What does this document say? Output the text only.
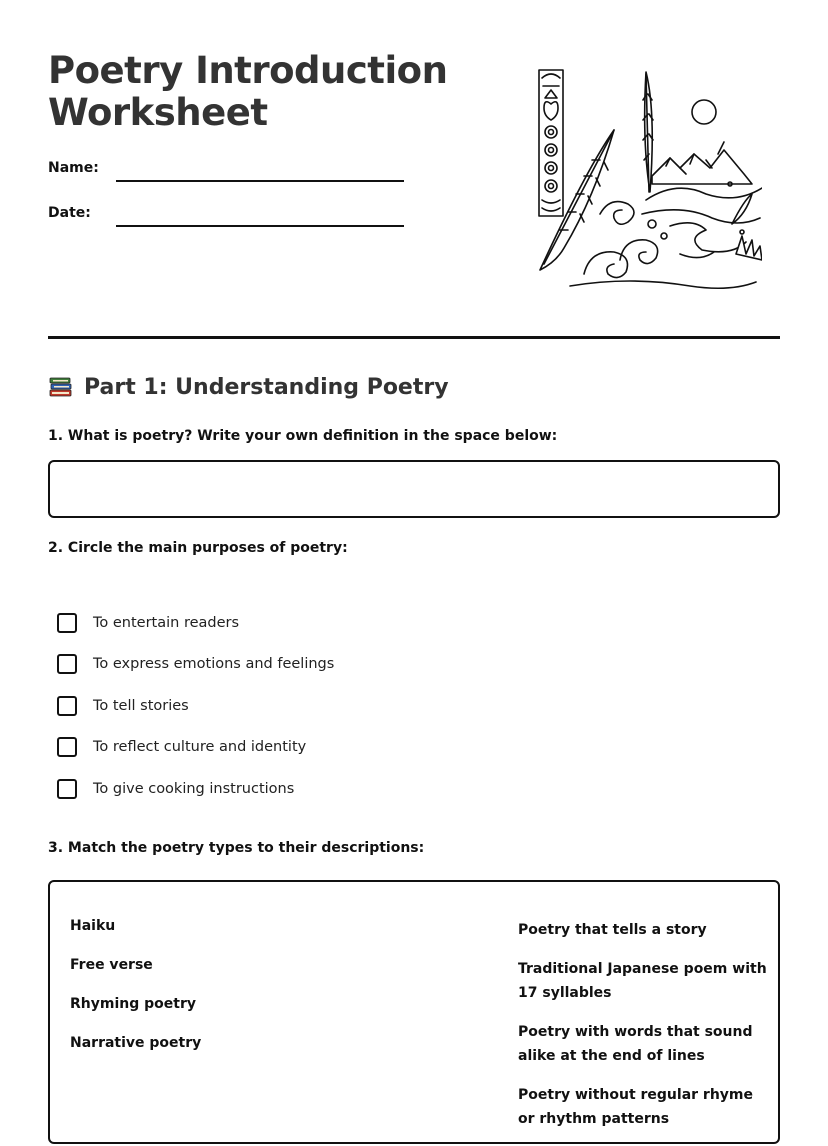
Poetry Introduction Worksheet
Name:
Date:
Part 1: Understanding Poetry
1. What is poetry? Write your own definition in the space below:
2. Circle the main purposes of poetry:
To entertain readers
To express emotions and feelings
To tell stories
To reflect culture and identity
To give cooking instructions
3. Match the poetry types to their descriptions:
Haiku
Free verse
Rhyming poetry
Narrative poetry
Poetry that tells a story
Traditional Japanese poem with 17 syllables
Poetry with words that sound alike at the end of lines
Poetry without regular rhyme or rhythm patterns
